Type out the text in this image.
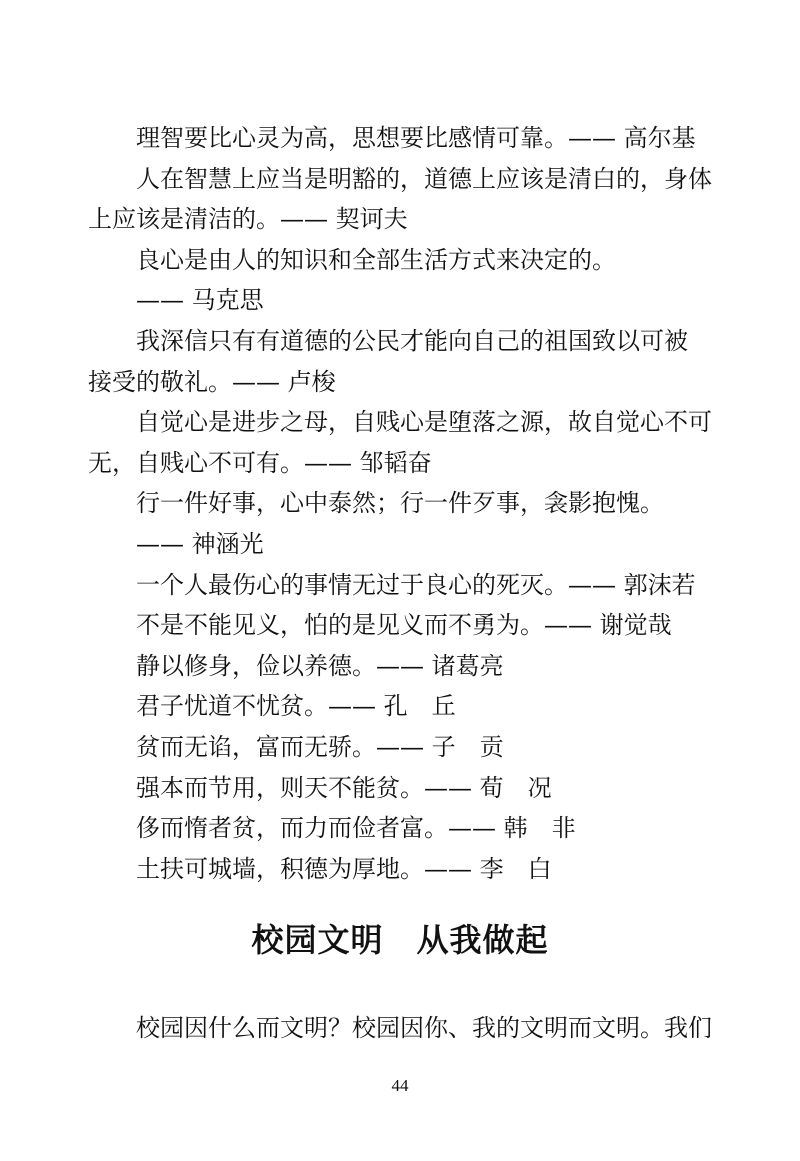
理智要比心灵为高，思想要比感情可靠。—— 高尔基
人在智慧上应当是明豁的，道德上应该是清白的，身体
上应该是清洁的。—— 契诃夫
良心是由人的知识和全部生活方式来决定的。
—— 马克思
我深信只有有道德的公民才能向自己的祖国致以可被
接受的敬礼。—— 卢梭
自觉心是进步之母，自贱心是堕落之源，故自觉心不可
无，自贱心不可有。—— 邹韬奋
行一件好事，心中泰然；行一件歹事，衾影抱愧。
—— 神涵光
一个人最伤心的事情无过于良心的死灭。—— 郭沫若
不是不能见义，怕的是见义而不勇为。—— 谢觉哉
静以修身，俭以养德。—— 诸葛亮
君子忧道不忧贫。—— 孔　丘
贫而无谄，富而无骄。—— 子　贡
强本而节用，则天不能贫。—— 荀　况
侈而惰者贫，而力而俭者富。—— 韩　非
土扶可城墙，积德为厚地。—— 李　白
校园文明　从我做起
校园因什么而文明？校园因你、我的文明而文明。我们
44
